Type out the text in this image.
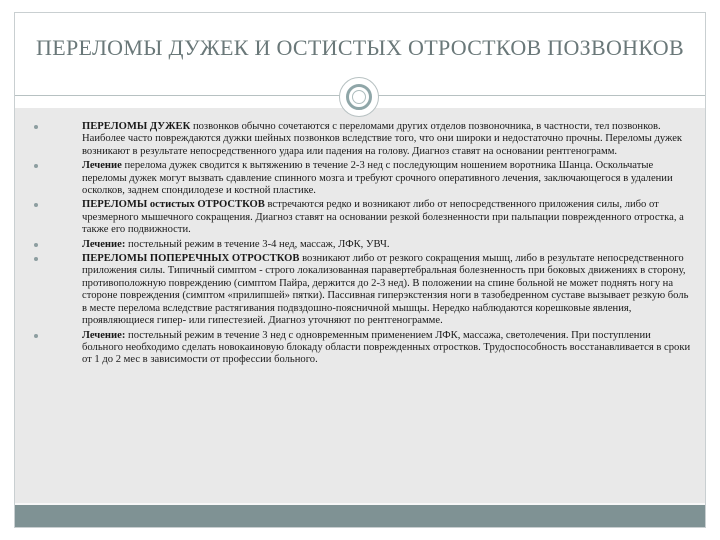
ПЕРЕЛОМЫ ДУЖЕК И ОСТИСТЫХ ОТРОСТКОВ ПОЗВОНКОВ
ПЕРЕЛОМЫ ДУЖЕК позвонков обычно сочетаются с переломами других отделов позвоночника, в частности, тел позвонков. Наиболее часто повреждаются дужки шейных позвонков вследствие того, что они широки и недостаточно прочны. Переломы дужек возникают в результате непосредственного удара или падения на голову. Диагноз ставят на основании рентгенограмм.
Лечение перелома дужек сводится к вытяжению в течение 2-3 нед с последующим ношением воротника Шанца. Оскольчатые переломы дужек могут вызвать сдавление спинного мозга и требуют срочного оперативного лечения, заключающегося в удалении осколков, заднем спондилодезе и костной пластике.
ПЕРЕЛОМЫ остистых ОТРОСТКОВ встречаются редко и возникают либо от непосредственного приложения силы, либо от чрезмерного мышечного сокращения. Диагноз ставят на основании резкой болезненности при пальпации поврежденного отростка, а также его подвижности.
Лечение: постельный режим в течение 3-4 нед, массаж, ЛФК, УВЧ.
ПЕРЕЛОМЫ ПОПЕРЕЧНЫХ ОТРОСТКОВ возникают либо от резкого сокращения мышц, либо в результате непосредственного приложения силы. Типичный симптом - строго локализованная паравертебральная болезненность при боковых движениях в сторону, противоположную повреждению (симптом Пайра, держится до 2-3 нед). В положении на спине больной не может поднять ногу на стороне повреждения (симптом «прилипшей» пятки). Пассивная гиперэкстензия ноги в тазобедренном суставе вызывает резкую боль в месте перелома вследствие растягивания подвздошно-поясничной мышцы. Нередко наблюдаются корешковые явления, проявляющиеся гипер- или гипестезией. Диагноз уточняют по рентгенограмме.
Лечение: постельный режим в течение 3 нед с одновременным применением ЛФК, массажа, светолечения. При поступлении больного необходимо сделать новокаиновую блокаду области поврежденных отростков. Трудоспособность восстанавливается в сроки от 1 до 2 мес в зависимости от профессии больного.
